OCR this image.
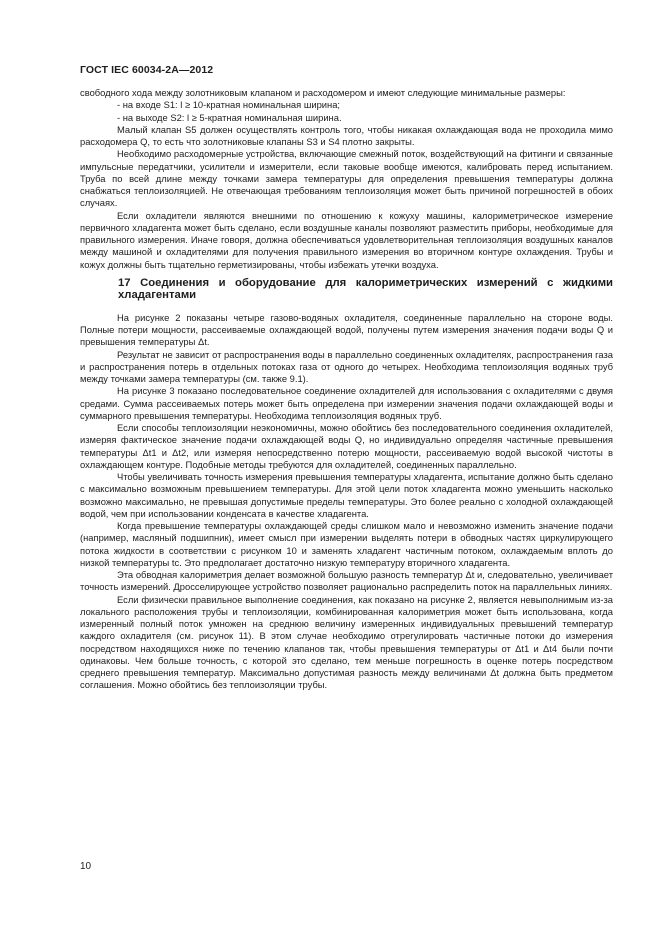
ГОСТ IEC 60034-2A—2012

свободного хода между золотниковым клапаном и расходомером и имеют следующие минимальные размеры:

- на входе S1: l ≥ 10-кратная номинальная ширина;

- на выходе S2: l ≥ 5-кратная номинальная ширина.

Малый клапан S5 должен осуществлять контроль того, чтобы никакая охлаждающая вода не проходила мимо расходомера Q, то есть что золотниковые клапаны S3 и S4 плотно закрыты.

Необходимо расходомерные устройства, включающие смежный поток, воздействующий на фитинги и связанные импульсные передатчики, усилители и измерители, если таковые вообще имеются, калибровать перед испытанием. Труба по всей длине между точками замера температуры для определения превышения температуры должна снабжаться теплоизоляцией. Не отвечающая требованиям теплоизоляция может быть причиной погрешностей в обоих случаях.

Если охладители являются внешними по отношению к кожуху машины, калориметрическое измерение первичного хладагента может быть сделано, если воздушные каналы позволяют разместить приборы, необходимые для правильного измерения. Иначе говоря, должна обеспечиваться удовлетворительная теплоизоляция воздушных каналов между машиной и охладителями для получения правильного измерения во вторичном контуре охлаждения. Трубы и кожух должны быть тщательно герметизированы, чтобы избежать утечки воздуха.

17 Соединения и оборудование для калориметрических измерений с жидкими хладагентами

На рисунке 2 показаны четыре газово-водяных охладителя, соединенные параллельно на стороне воды. Полные потери мощности, рассеиваемые охлаждающей водой, получены путем измерения значения подачи воды Q и превышения температуры Δt.

Результат не зависит от распространения воды в параллельно соединенных охладителях, распространения газа и распространения потерь в отдельных потоках газа от одного до четырех. Необходима теплоизоляция водяных труб между точками замера температуры (см. также 9.1).

На рисунке 3 показано последовательное соединение охладителей для использования с охладителями с двумя средами. Сумма рассеиваемых потерь может быть определена при измерении значения подачи охлаждающей воды и суммарного превышения температуры. Необходима теплоизоляция водяных труб.

Если способы теплоизоляции неэкономичны, можно обойтись без последовательного соединения охладителей, измеряя фактическое значение подачи охлаждающей воды Q, но индивидуально определяя частичные превышения температуры Δt1 и Δt2, или измеряя непосредственно потерю мощности, рассеиваемую водой высокой чистоты в охлаждающем контуре. Подобные методы требуются для охладителей, соединенных параллельно.

Чтобы увеличивать точность измерения превышения температуры хладагента, испытание должно быть сделано с максимально возможным превышением температуры. Для этой цели поток хладагента можно уменьшить насколько возможно максимально, не превышая допустимые пределы температуры. Это более реально с холодной охлаждающей водой, чем при использовании конденсата в качестве хладагента.

Когда превышение температуры охлаждающей среды слишком мало и невозможно изменить значение подачи (например, масляный подшипник), имеет смысл при измерении выделять потери в обводных частях циркулирующего потока жидкости в соответствии с рисунком 10 и заменять хладагент частичным потоком, охлаждаемым вплоть до низкой температуры tc. Это предполагает достаточно низкую температуру вторичного хладагента.

Эта обводная калориметрия делает возможной большую разность температур Δt и, следовательно, увеличивает точность измерений. Дросселирующее устройство позволяет рационально распределить поток на параллельных линиях.

Если физически правильное выполнение соединения, как показано на рисунке 2, является невыполнимым из-за локального расположения трубы и теплоизоляции, комбинированная калориметрия может быть использована, когда измеренный полный поток умножен на среднюю величину измеренных индивидуальных превышений температур каждого охладителя (см. рисунок 11). В этом случае необходимо отрегулировать частичные потоки до измерения посредством находящихся ниже по течению клапанов так, чтобы превышения температуры от Δt1 и Δt4 были почти одинаковы. Чем больше точность, с которой это сделано, тем меньше погрешность в оценке потерь посредством среднего превышения температур. Максимально допустимая разность между величинами Δt должна быть предметом соглашения. Можно обойтись без теплоизоляции трубы.

10
